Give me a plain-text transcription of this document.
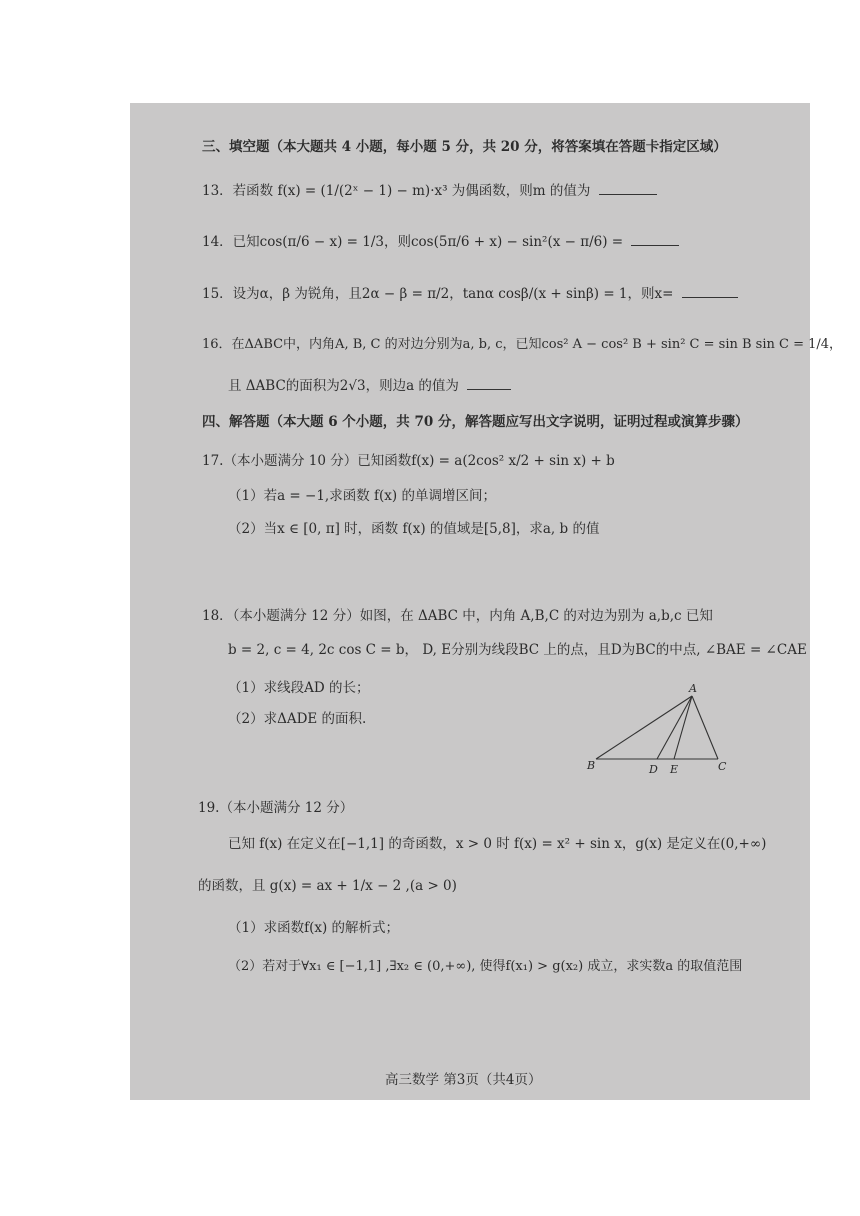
三、填空题（本大题共 4 小题，每小题 5 分，共 20 分，将答案填在答题卡指定区域）
13．若函数 f(x) = (1/(2ˣ − 1) − m)·x³ 为偶函数，则m 的值为
14．已知cos(π/6 − x) = 1/3，则cos(5π/6 + x) − sin²(x − π/6) =
15．设为α，β 为锐角，且2α − β = π/2，tanα cosβ/(x + sinβ) = 1，则x=
16．在ΔABC中，内角A, B, C 的对边分别为a, b, c，已知cos² A − cos² B + sin² C = sin B sin C = 1/4，
且 ΔABC的面积为2√3，则边a 的值为
四、解答题（本大题 6 个小题，共 70 分，解答题应写出文字说明，证明过程或演算步骤）
17.（本小题满分 10 分）已知函数f(x) = a(2cos² x/2 + sin x) + b
（1）若a = −1,求函数 f(x) 的单调增区间；
（2）当x ∈ [0, π] 时，函数 f(x) 的值域是[5,8]，求a, b 的值
18．（本小题满分 12 分）如图，在 ΔABC 中，内角 A,B,C 的对边为别为 a,b,c 已知
b = 2, c = 4, 2c cos C = b， D, E分别为线段BC 上的点，且D为BC的中点, ∠BAE = ∠CAE
（1）求线段AD 的长；
（2）求ΔADE 的面积.
A
B	D E	C
19.（本小题满分 12 分）
已知 f(x) 在定义在[−1,1] 的奇函数，x > 0 时 f(x) = x² + sin x，g(x) 是定义在(0,+∞)
的函数，且 g(x) = ax + 1/x − 2 ,(a > 0)
（1）求函数f(x) 的解析式；
（2）若对于∀x₁ ∈ [−1,1] ,∃x₂ ∈ (0,+∞), 使得f(x₁) > g(x₂) 成立，求实数a 的取值范围
高三数学 第3页（共4页）
